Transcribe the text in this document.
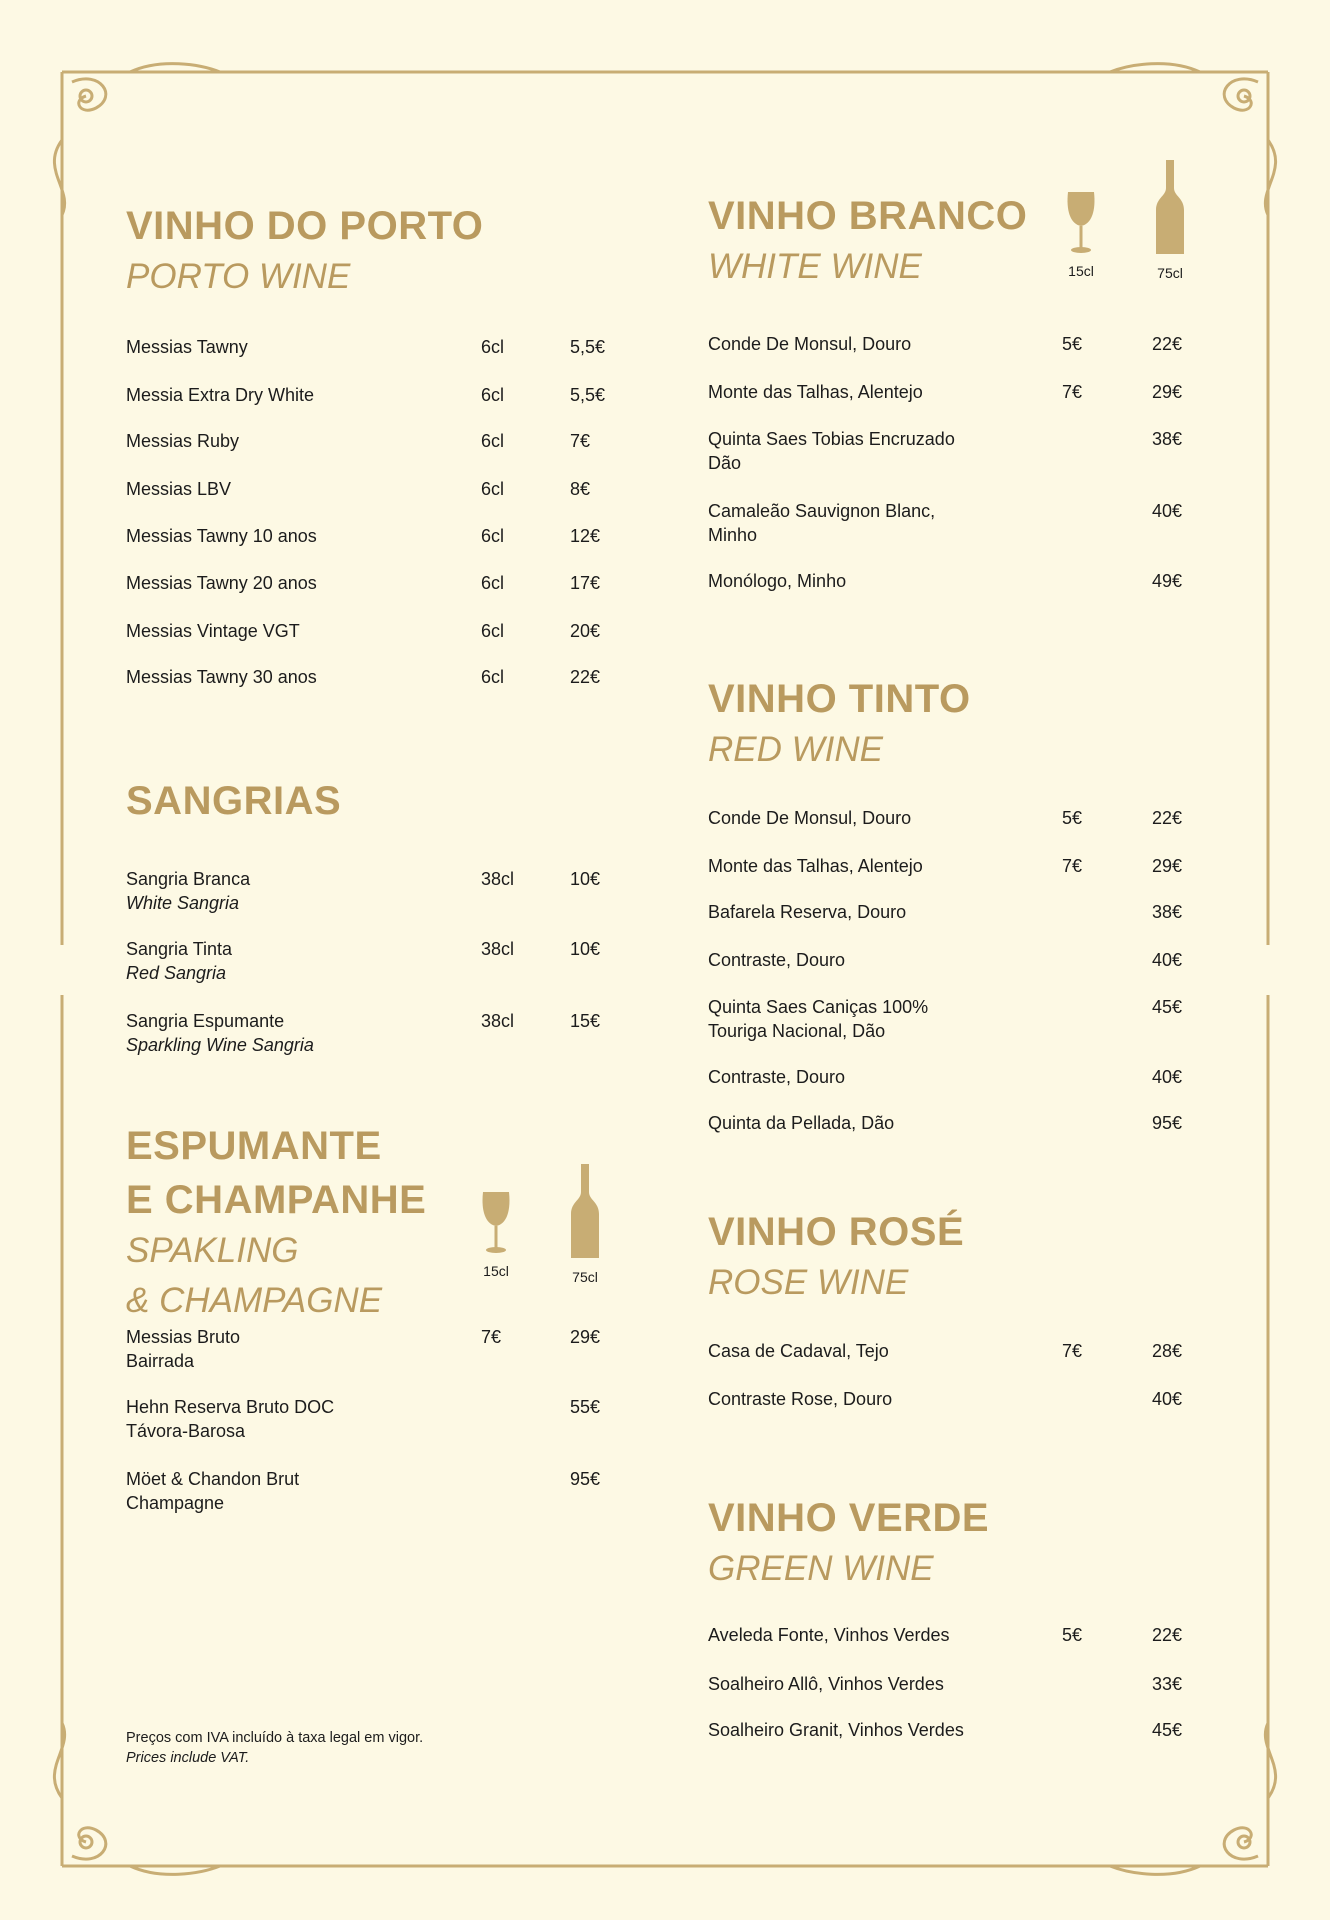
VINHO DO PORTO
PORTO WINE
Messias Tawny	6cl	5,5€
Messia Extra Dry White	6cl	5,5€
Messias Ruby	6cl	7€
Messias LBV	6cl	8€
Messias Tawny 10 anos	6cl	12€
Messias Tawny 20 anos	6cl	17€
Messias Vintage VGT	6cl	20€
Messias Tawny 30 anos	6cl	22€
SANGRIAS
Sangria Branca
White Sangria
38cl	10€
Sangria Tinta
Red Sangria
38cl	10€
Sangria Espumante
Sparkling Wine Sangria
38cl	15€
ESPUMANTE
E CHAMPANHE
SPAKLING
& CHAMPAGNE
15cl	75cl
Messias Bruto
Bairrada
7€	29€
Hehn Reserva Bruto DOC
Távora-Barosa
55€
Möet & Chandon Brut
Champagne
95€
Preços com IVA incluído à taxa legal em vigor.
Prices include VAT.
VINHO BRANCO
WHITE WINE	15cl	75cl
Conde De Monsul, Douro	5€	22€
Monte das Talhas, Alentejo	7€	29€
Quinta Saes Tobias Encruzado
Dão
38€
Camaleão Sauvignon Blanc,
Minho
40€
Monólogo, Minho	49€
VINHO TINTO
RED WINE
Conde De Monsul, Douro	5€	22€
Monte das Talhas, Alentejo	7€	29€
Bafarela Reserva, Douro	38€
Contraste, Douro	40€
Quinta Saes Caniças 100%
Touriga Nacional, Dão
45€
Contraste, Douro	40€
Quinta da Pellada, Dão	95€
VINHO ROSÉ
ROSE WINE
Casa de Cadaval, Tejo	7€	28€
Contraste Rose, Douro	40€
VINHO VERDE
GREEN WINE
Aveleda Fonte, Vinhos Verdes	5€	22€
Soalheiro Allô, Vinhos Verdes	33€
Soalheiro Granit, Vinhos Verdes	45€
